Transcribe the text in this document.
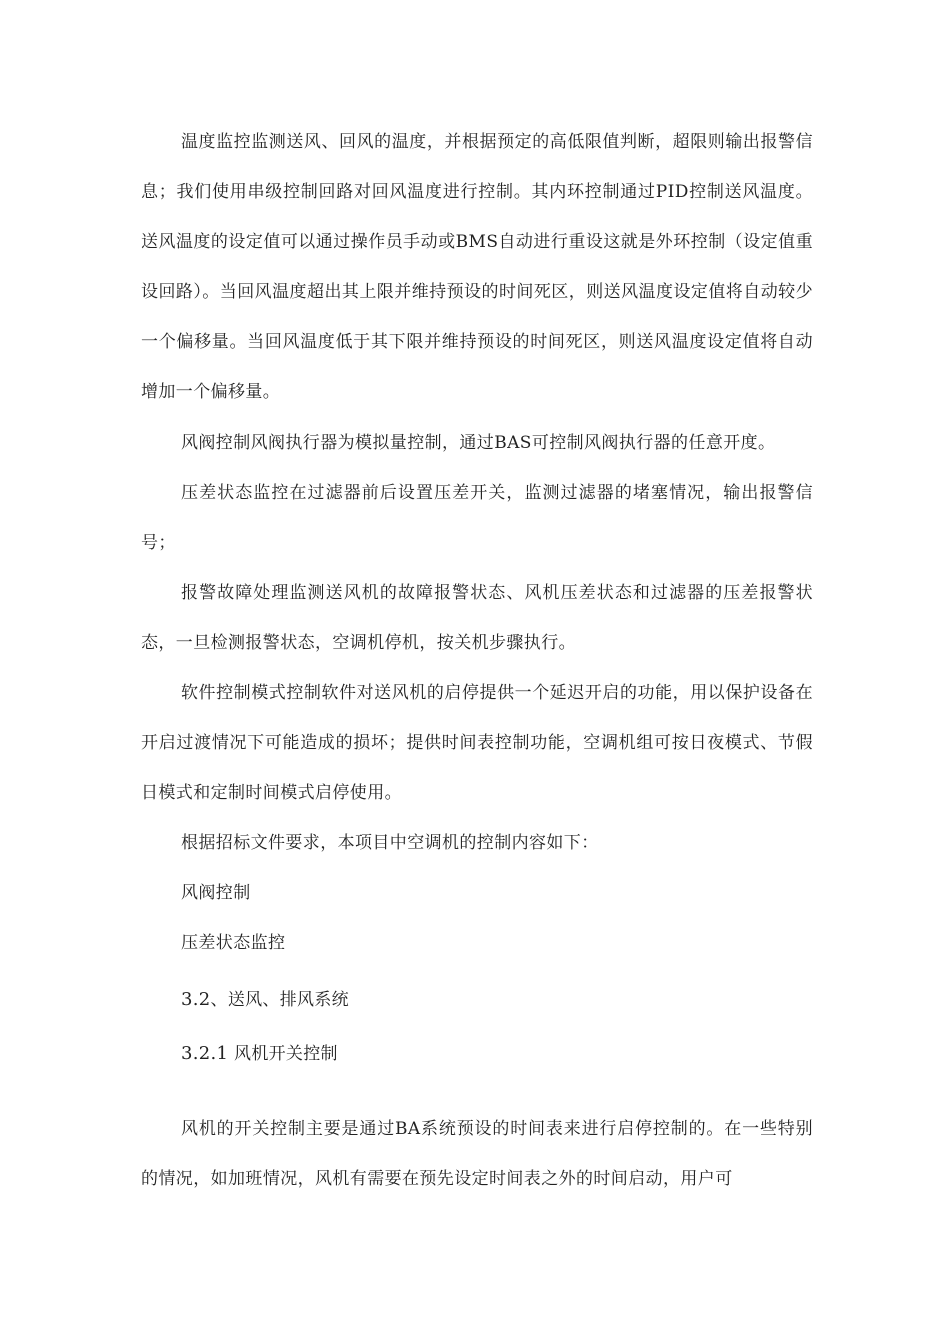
温度监控监测送风、回风的温度，并根据预定的高低限值判断，超限则输出报警信息；我们使用串级控制回路对回风温度进行控制。其内环控制通过PID控制送风温度。送风温度的设定值可以通过操作员手动或BMS自动进行重设这就是外环控制（设定值重设回路）。当回风温度超出其上限并维持预设的时间死区，则送风温度设定值将自动较少一个偏移量。当回风温度低于其下限并维持预设的时间死区，则送风温度设定值将自动增加一个偏移量。

风阀控制风阀执行器为模拟量控制，通过BAS可控制风阀执行器的任意开度。

压差状态监控在过滤器前后设置压差开关，监测过滤器的堵塞情况，输出报警信号；

报警故障处理监测送风机的故障报警状态、风机压差状态和过滤器的压差报警状态，一旦检测报警状态，空调机停机，按关机步骤执行。

软件控制模式控制软件对送风机的启停提供一个延迟开启的功能，用以保护设备在开启过渡情况下可能造成的损坏；提供时间表控制功能，空调机组可按日夜模式、节假日模式和定制时间模式启停使用。

根据招标文件要求，本项目中空调机的控制内容如下：

风阀控制

压差状态监控

3.2、送风、排风系统

3.2.1 风机开关控制

风机的开关控制主要是通过BA系统预设的时间表来进行启停控制的。在一些特别的情况，如加班情况，风机有需要在预先设定时间表之外的时间启动，用户可
